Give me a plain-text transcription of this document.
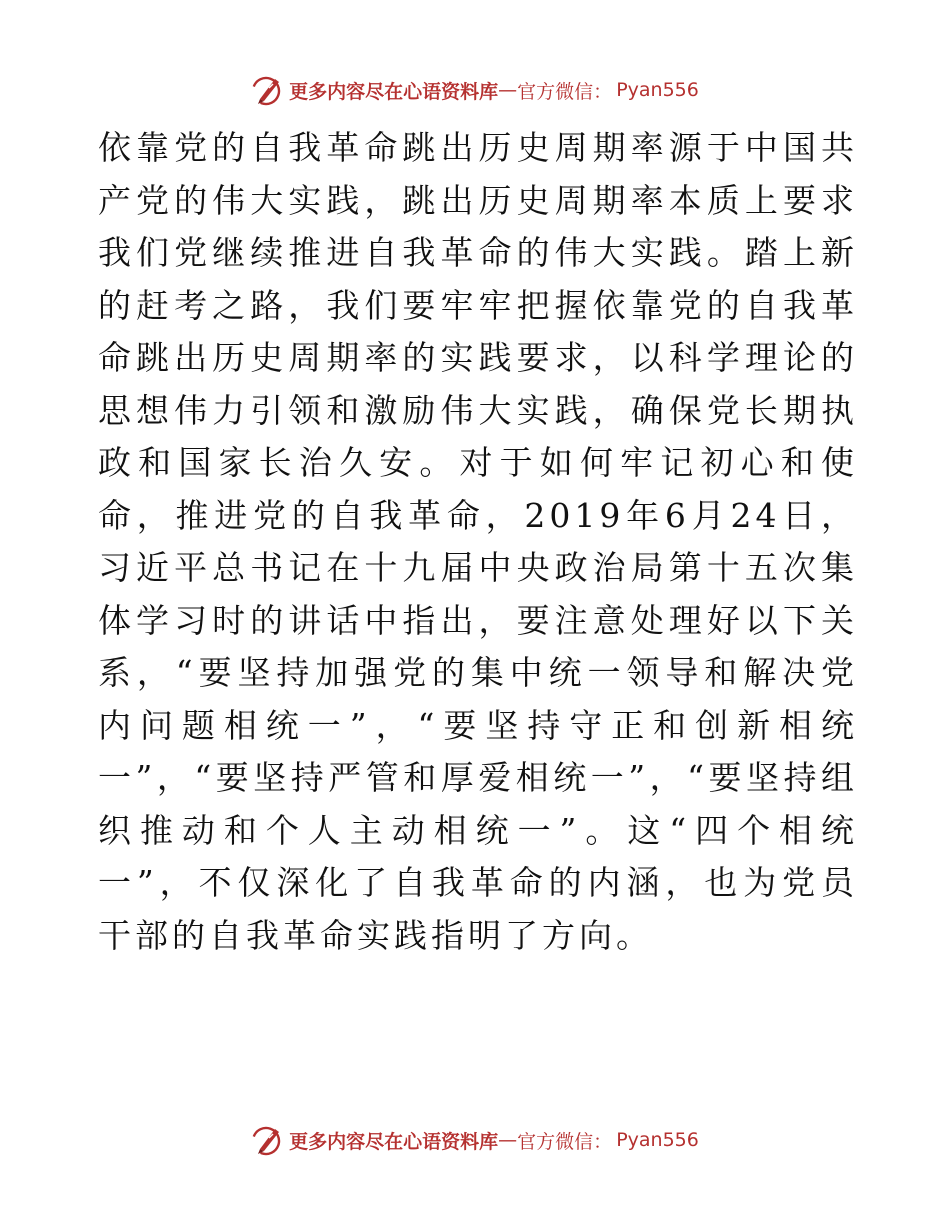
更多内容尽在心语资料库 — 官方微信： Pyan556

依靠党的自我革命跳出历史周期率源于中国共产党的伟大实践，跳出历史周期率本质上要求我们党继续推进自我革命的伟大实践。踏上新的赶考之路，我们要牢牢把握依靠党的自我革命跳出历史周期率的实践要求，以科学理论的思想伟力引领和激励伟大实践，确保党长期执政和国家长治久安。对于如何牢记初心和使命，推进党的自我革命，2019年6月24日，习近平总书记在十九届中央政治局第十五次集体学习时的讲话中指出，要注意处理好以下关系，“要坚持加强党的集中统一领导和解决党内问题相统一”，“要坚持守正和创新相统一”，“要坚持严管和厚爱相统一”，“要坚持组织推动和个人主动相统一”。这“四个相统一”，不仅深化了自我革命的内涵，也为党员干部的自我革命实践指明了方向。

更多内容尽在心语资料库 — 官方微信： Pyan556
